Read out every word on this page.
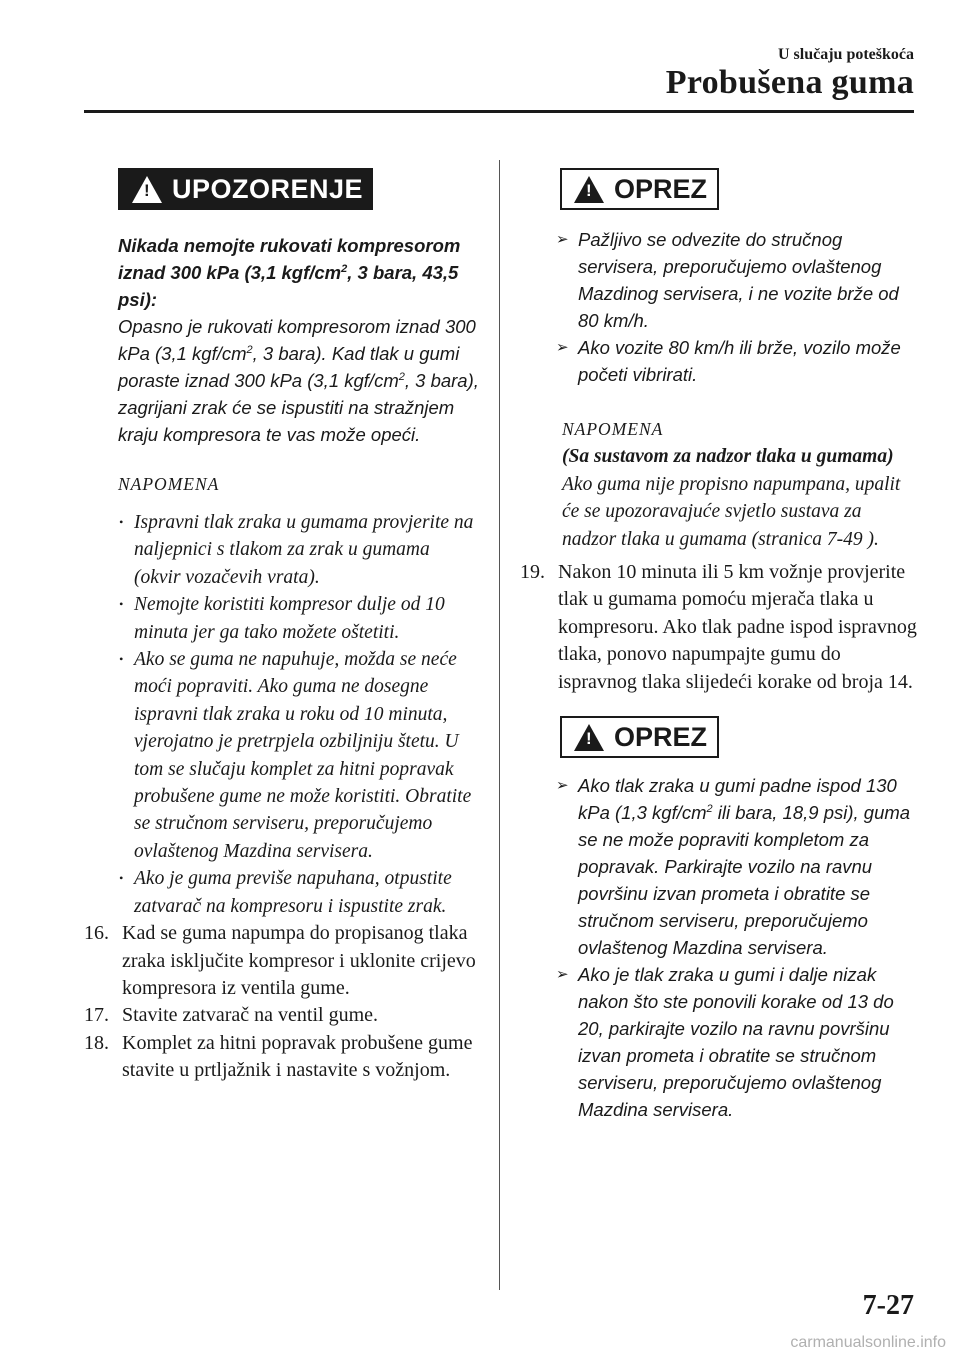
U slučaju poteškoća
Probušena guma
!
UPOZORENJE

Nikada nemojte rukovati kompresorom iznad 300 kPa (3,1 kgf/$cm^2$, 3 bara, 43,5 psi):

Opasno je rukovati kompresorom iznad 300 kPa (3,1 kgf/$cm^2$, 3 bara). Kad tlak u gumi poraste iznad 300 kPa (3,1 kgf/$cm^2$, 3 bara), zagrijani zrak će se ispustiti na stražnjem kraju kompresora te vas može opeći.

NAPOMENA
• Ispravni tlak zraka u gumama provjerite na naljepnici s tlakom za zrak u gumama (okvir vozačevih vrata).
• Nemojte koristiti kompresor dulje od 10 minuta jer ga tako možete oštetiti.
• Ako se guma ne napuhuje, možda se neće moći popraviti. Ako guma ne dosegne ispravni tlak zraka u roku od 10 minuta, vjerojatno je pretrpjela ozbiljniju štetu. U tom se slučaju komplet za hitni popravak probušene gume ne može koristiti. Obratite se stručnom serviseru, preporučujemo ovlaštenog Mazdina servisera.
• Ako je guma previše napuhana, otpustite zatvarač na kompresoru i ispustite zrak.
16. Kad se guma napumpa do propisanog tlaka zraka isključite kompresor i uklonite crijevo kompresora iz ventila gume.
17. Stavite zatvarač na ventil gume.
18. Komplet za hitni popravak probušene gume stavite u prtljažnik i nastavite s vožnjom.
!
OPREZ
➢ Pažljivo se odvezite do stručnog servisera, preporučujemo ovlaštenog Mazdinog servisera, i ne vozite brže od 80 km/h.
➢ Ako vozite 80 km/h ili brže, vozilo može početi vibrirati.
NAPOMENA
(Sa sustavom za nadzor tlaka u gumama)
Ako guma nije propisno napumpana, upalit će se upozoravajuće svjetlo sustava za nadzor tlaka u gumama (stranica 7-49 ).
19. Nakon 10 minuta ili 5 km vožnje provjerite tlak u gumama pomoću mjerača tlaka u kompresoru. Ako tlak padne ispod ispravnog tlaka, ponovo napumpajte gumu do ispravnog tlaka slijedeći korake od broja 14.
!
OPREZ
➢ Ako tlak zraka u gumi padne ispod 130 kPa (1,3 kgf/$cm^2$ ili bara, 18,9 psi), guma se ne može popraviti kompletom za popravak. Parkirajte vozilo na ravnu površinu izvan prometa i obratite se stručnom serviseru, preporučujemo ovlaštenog Mazdina servisera.
➢ Ako je tlak zraka u gumi i dalje nizak nakon što ste ponovili korake od 13 do 20, parkirajte vozilo na ravnu površinu izvan prometa i obratite se stručnom serviseru, preporučujemo ovlaštenog Mazdina servisera.
7-27
carmanualsonline.info
